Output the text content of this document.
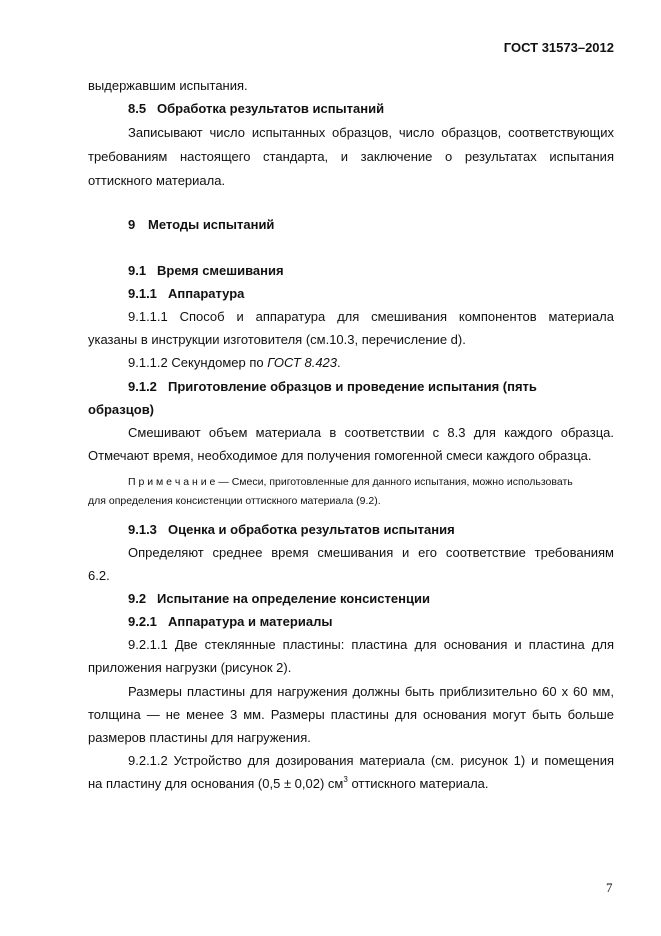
ГОСТ 31573–2012
выдержавшим испытания.
8.5 Обработка результатов испытаний
Записывают число испытанных образцов, число образцов, соответствующих
требованиям настоящего стандарта, и заключение о результатах испытания
оттискного материала.
9 Методы испытаний
9.1 Время смешивания
9.1.1 Аппаратура
9.1.1.1 Способ и аппаратура для смешивания компонентов материала
указаны в инструкции изготовителя (см.10.3, перечисление d).
9.1.1.2 Секундомер по ГОСТ 8.423.
9.1.2 Приготовление образцов и проведение испытания (пять
образцов)
Смешивают объем материала в соответствии с 8.3 для каждого образца.
Отмечают время, необходимое для получения гомогенной смеси каждого образца.
П р и м е ч а н и е — Смеси, приготовленные для данного испытания, можно использовать
для определения консистенции оттискного материала (9.2).
9.1.3 Оценка и обработка результатов испытания
Определяют среднее время смешивания и его соответствие требованиям
6.2.
9.2 Испытание на определение консистенции
9.2.1 Аппаратура и материалы
9.2.1.1 Две стеклянные пластины: пластина для основания и пластина для
приложения нагрузки (рисунок 2).
Размеры пластины для нагружения должны быть приблизительно 60 x 60 мм,
толщина — не менее 3 мм. Размеры пластины для основания могут быть больше
размеров пластины для нагружения.
9.2.1.2 Устройство для дозирования материала (см. рисунок 1) и помещения
на пластину для основания (0,5 ± 0,02) $см^3$ оттискного материала.
7
